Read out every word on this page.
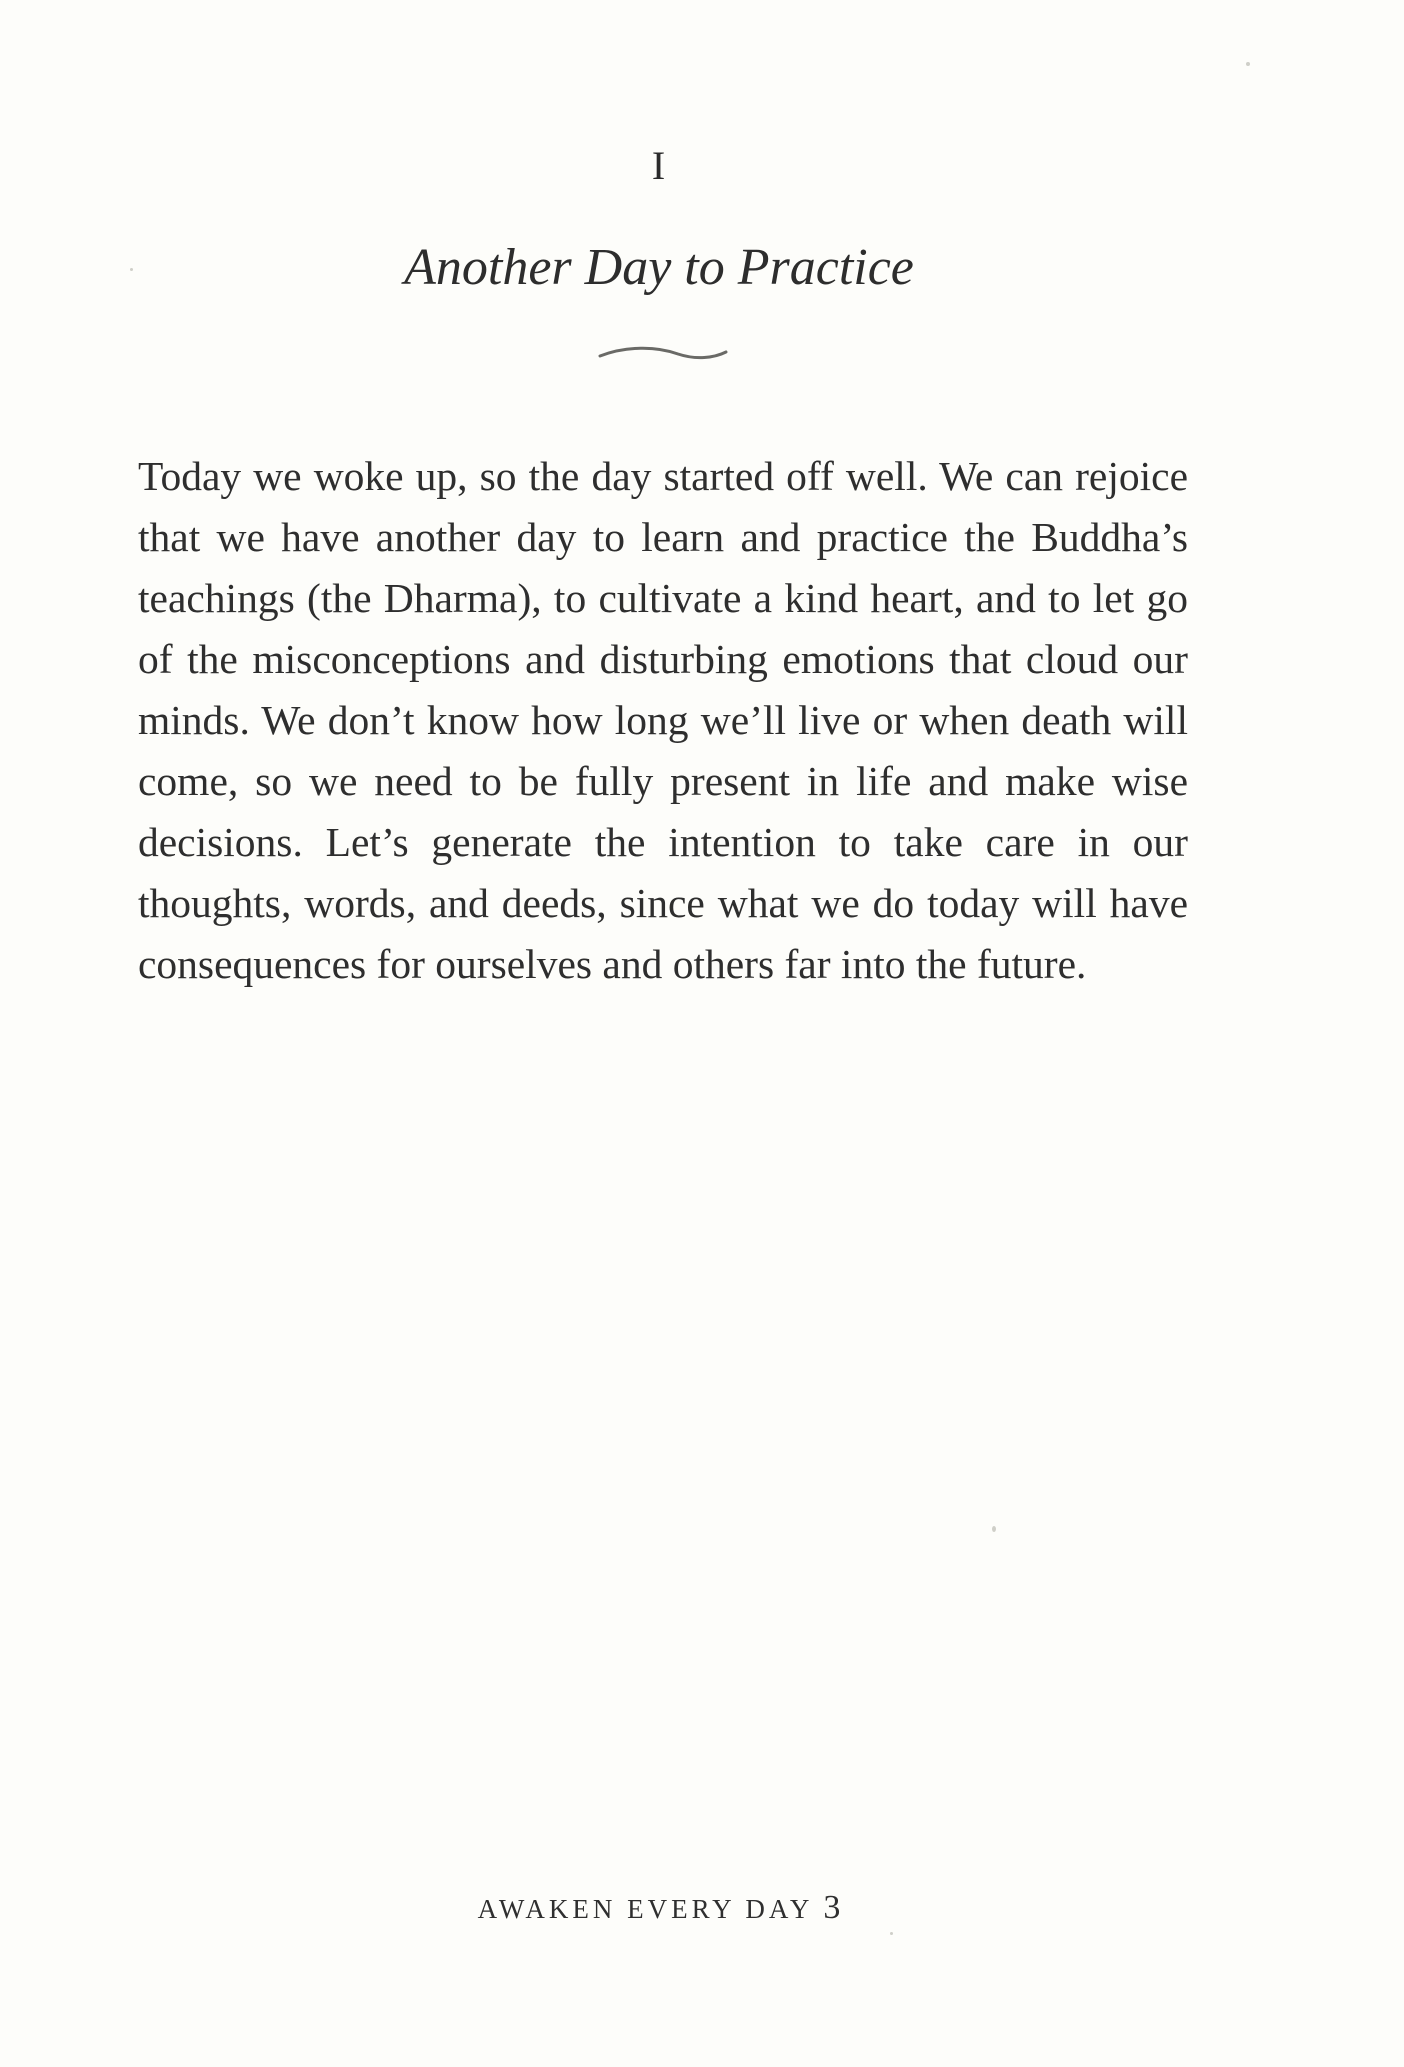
I
Another Day to Practice

Today we woke up, so the day started off well. We can rejoice that we have another day to learn and practice the Buddha’s teachings (the Dharma), to cultivate a kind heart, and to let go of the misconceptions and disturbing emotions that cloud our minds. We don’t know how long we’ll live or when death will come, so we need to be fully present in life and make wise decisions. Let’s generate the intention to take care in our thoughts, words, and deeds, since what we do today will have consequences for ourselves and others far into the future.

AWAKEN EVERY DAY 3
